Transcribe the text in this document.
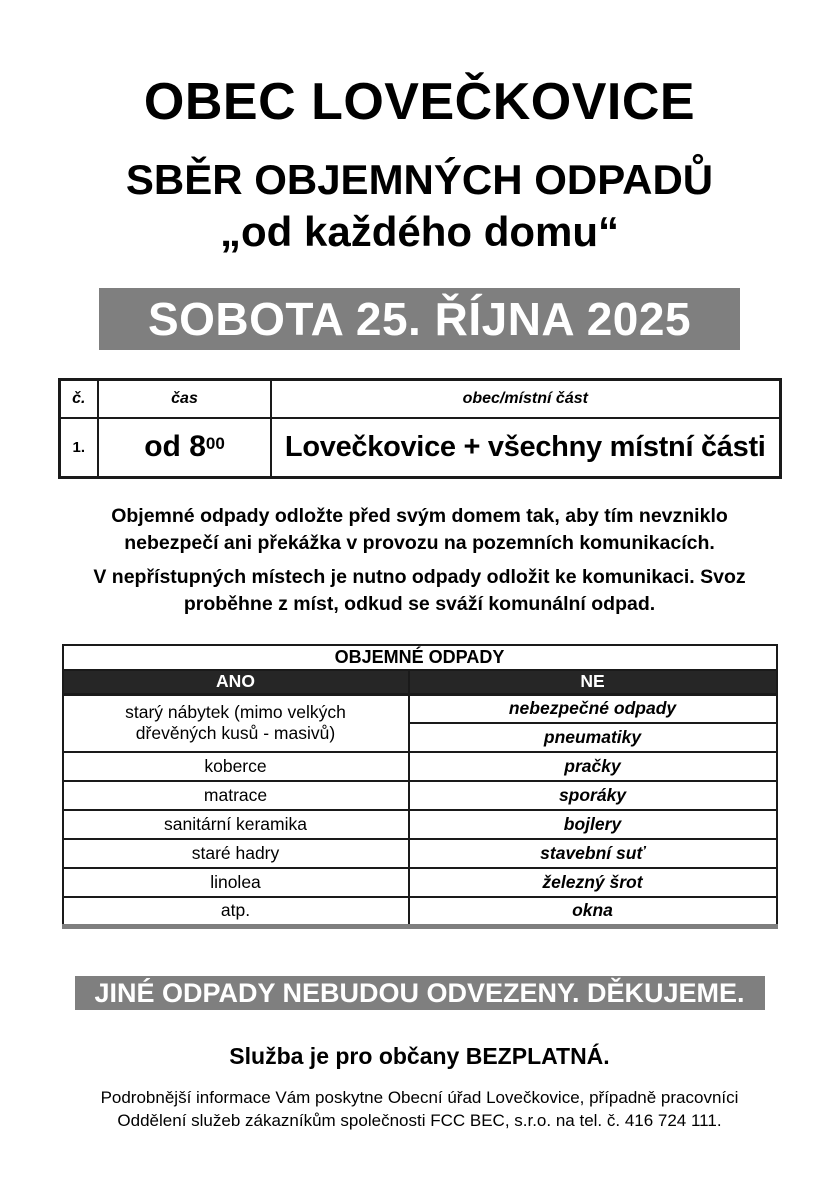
OBEC LOVEČKOVICE
SBĚR OBJEMNÝCH ODPADŮ
„od každého domu“
SOBOTA 25. ŘÍJNA 2025
č.	čas	obec/místní část
1.	od $8^{00}$	Lovečkovice + všechny místní části

Objemné odpady odložte před svým domem tak, aby tím nevzniklo nebezpečí ani překážka v provozu na pozemních komunikacích.

V nepřístupných místech je nutno odpady odložit ke komunikaci. Svoz proběhne z míst, odkud se sváží komunální odpad.

OBJEMNÉ ODPADY	
ANO	NE
starý nábytek (mimo velkých dřevěných kusů - masivů)	nebezpečné odpady
	pneumatiky
koberce	pračky
matrace	sporáky
sanitární keramika	bojlery
staré hadry	stavební suť
linolea	železný šrot
atp.	okna
JINÉ ODPADY NEBUDOU ODVEZENY. DĚKUJEME.
Služba je pro občany BEZPLATNÁ.

Podrobnější informace Vám poskytne Obecní úřad Lovečkovice, případně pracovníci Oddělení služeb zákazníkům společnosti FCC BEC, s.r.o. na tel. č. 416 724 111.
